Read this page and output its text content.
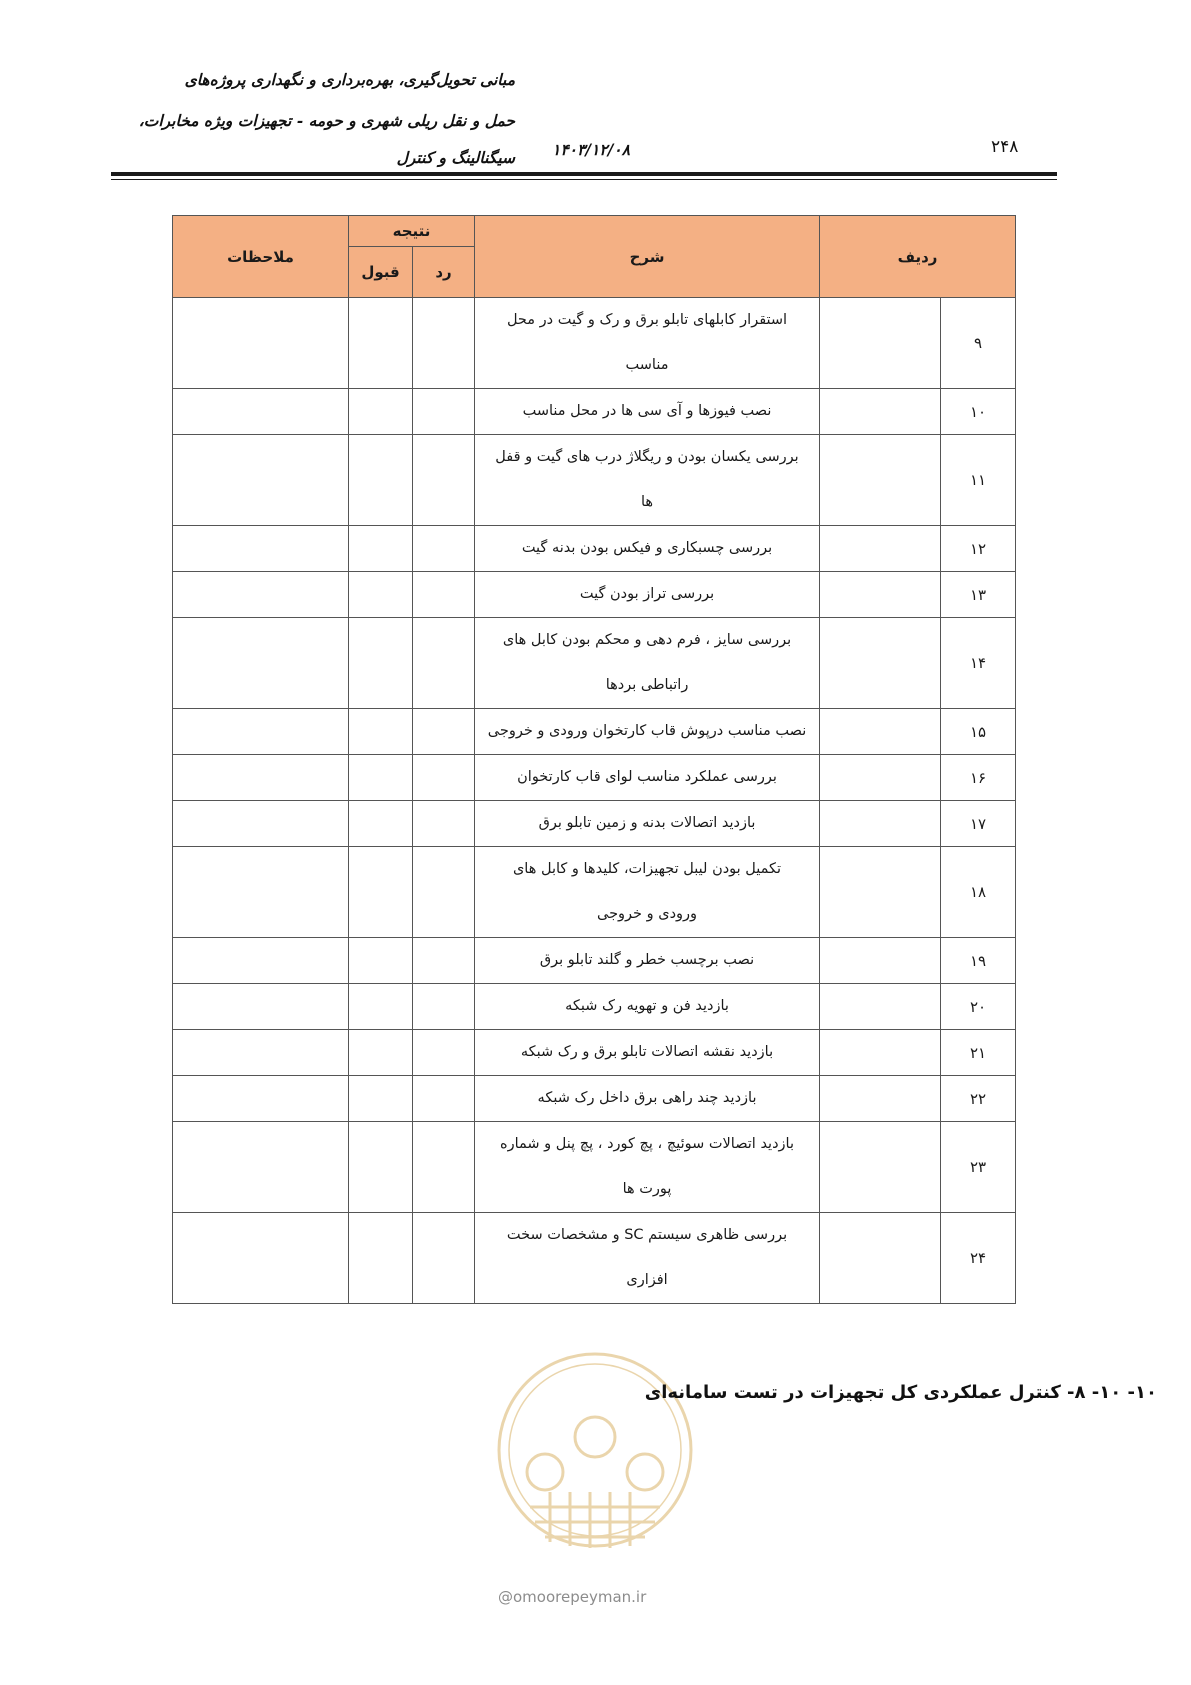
مبانی تحویل‌گیری، بهره‌برداری و نگهداری پروژه‌های
حمل و نقل ریلی شهری و حومه - تجهیزات ویژه مخابرات،
سیگنالینگ و کنترل ۱۴۰۳/۱۲/۰۸	۲۴۸
ملاحظات	نتیجه		شرح	ردیف	
	قبول	رد			

			استقرار کابلهای تابلو برق و رک و گیت در محل
مناسب		۹

			نصب فیوزها و آی سی ها در محل مناسب		۱۰

			بررسی یکسان بودن و ریگلاژ درب های گیت و قفل
ها		۱۱

			بررسی چسبکاری و فیکس بودن بدنه گیت		۱۲

			بررسی تراز بودن گیت		۱۳

			بررسی سایز ، فرم دهی و محکم بودن کابل های
راتباطی بردها		۱۴

			نصب مناسب درپوش قاب کارتخوان ورودی و خروجی		۱۵

			بررسی عملکرد مناسب لوای قاب کارتخوان		۱۶

			بازدید اتصالات بدنه و زمین تابلو برق		۱۷

			تکمیل بودن لیبل تجهیزات، کلیدها و کابل های
ورودی و خروجی		۱۸

			نصب برچسب خطر و گلند تابلو برق		۱۹

			بازدید فن و تهویه رک شبکه		۲۰

			بازدید نقشه اتصالات تابلو برق و رک شبکه		۲۱

			بازدید چند راهی برق داخل رک شبکه		۲۲

			بازدید اتصالات سوئیچ ، پچ کورد ، پچ پنل و شماره
پورت ها		۲۳

			بررسی ظاهری سیستم SC و مشخصات سخت
افزاری		۲۴
@omoorepeyman.ir
۱۰- ۱۰- ۸- کنترل عملکردی کل تجهیزات در تست سامانه‌ای
